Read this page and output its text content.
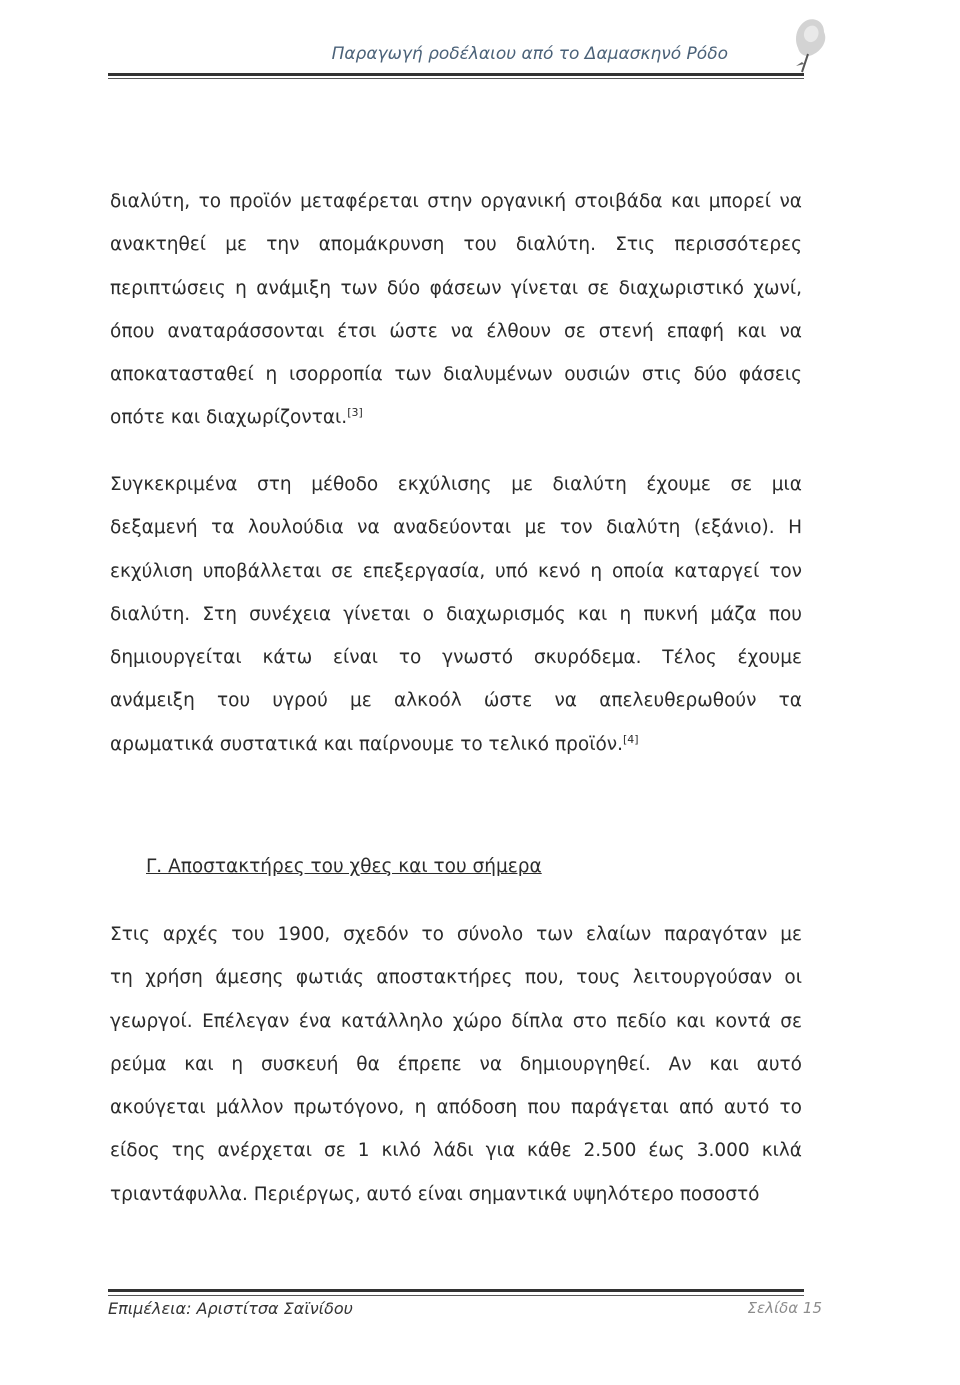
Παραγωγή ροδέλαιου από το Δαμασκηνό Ρόδο
διαλύτη, το προϊόν μεταφέρεται στην οργανική στοιβάδα και μπορεί να
ανακτηθεί με την απομάκρυνση του διαλύτη. Στις περισσότερες
περιπτώσεις η ανάμιξη των δύο φάσεων γίνεται σε διαχωριστικό χωνί,
όπου αναταράσσονται έτσι ώστε να έλθουν σε στενή επαφή και να
αποκατασταθεί η ισορροπία των διαλυμένων ουσιών στις δύο φάσεις
οπότε και διαχωρίζονται.[3]
Συγκεκριμένα στη μέθοδο εκχύλισης με διαλύτη έχουμε σε μια
δεξαμενή τα λουλούδια να αναδεύονται με τον διαλύτη (εξάνιο). Η
εκχύλιση υποβάλλεται σε επεξεργασία, υπό κενό η οποία καταργεί τον
διαλύτη. Στη συνέχεια γίνεται ο διαχωρισμός και η πυκνή μάζα που
δημιουργείται κάτω είναι το γνωστό σκυρόδεμα. Τέλος έχουμε
ανάμειξη του υγρού με αλκοόλ ώστε να απελευθερωθούν τα
αρωματικά συστατικά και παίρνουμε το τελικό προϊόν.[4]
Γ. Αποστακτήρες του χθες και του σήμερα
Στις αρχές του 1900, σχεδόν το σύνολο των ελαίων παραγόταν με
τη χρήση άμεσης φωτιάς αποστακτήρες που, τους λειτουργούσαν οι
γεωργοί. Επέλεγαν ένα κατάλληλο χώρο δίπλα στο πεδίο και κοντά σε
ρεύμα και η συσκευή θα έπρεπε να δημιουργηθεί. Αν και αυτό
ακούγεται μάλλον πρωτόγονο, η απόδοση που παράγεται από αυτό το
είδος της ανέρχεται σε 1 κιλό λάδι για κάθε 2.500 έως 3.000 κιλά
τριαντάφυλλα. Περιέργως, αυτό είναι σημαντικά υψηλότερο ποσοστό
Επιμέλεια: Αριστίτσα Σαϊνίδου	Σελίδα 15
